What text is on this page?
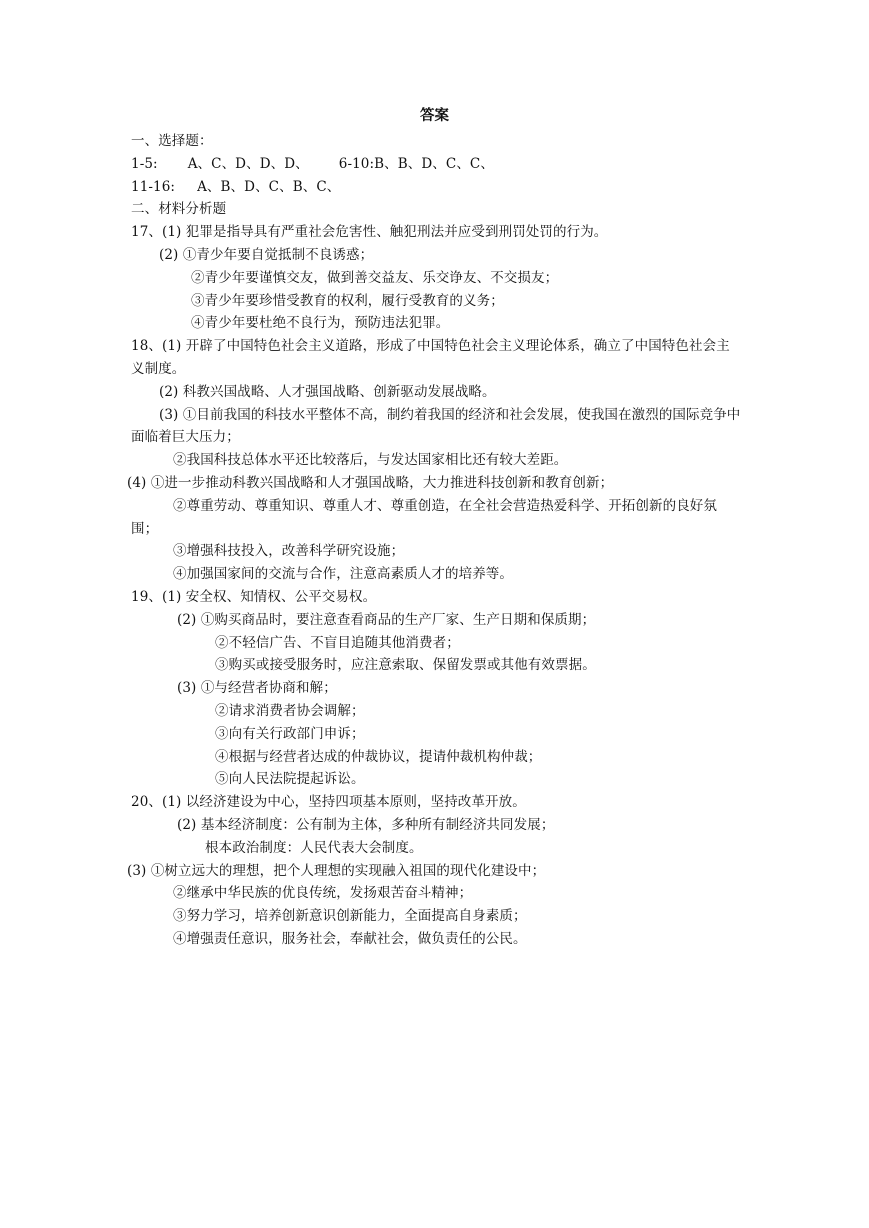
答案
一、选择题：
1-5: A、C、D、D、D、 6-10:B、B、D、C、C、
11-16: A、B、D、C、B、C、
二、材料分析题
17、(1) 犯罪是指导具有严重社会危害性、触犯刑法并应受到刑罚处罚的行为。
(2) ①青少年要自觉抵制不良诱惑；
②青少年要谨慎交友，做到善交益友、乐交诤友、不交损友；
③青少年要珍惜受教育的权利，履行受教育的义务；
④青少年要杜绝不良行为，预防违法犯罪。
18、(1) 开辟了中国特色社会主义道路，形成了中国特色社会主义理论体系，确立了中国特色社会主义制度。
(2) 科教兴国战略、人才强国战略、创新驱动发展战略。
(3) ①目前我国的科技水平整体不高，制约着我国的经济和社会发展，使我国在激烈的国际竞争中面临着巨大压力；
②我国科技总体水平还比较落后，与发达国家相比还有较大差距。
(4) ①进一步推动科教兴国战略和人才强国战略，大力推进科技创新和教育创新；
②尊重劳动、尊重知识、尊重人才、尊重创造，在全社会营造热爱科学、开拓创新的良好氛围；
③增强科技投入，改善科学研究设施；
④加强国家间的交流与合作，注意高素质人才的培养等。
19、(1) 安全权、知情权、公平交易权。
(2) ①购买商品时，要注意查看商品的生产厂家、生产日期和保质期；
②不轻信广告、不盲目追随其他消费者；
③购买或接受服务时，应注意索取、保留发票或其他有效票据。
(3) ①与经营者协商和解；
②请求消费者协会调解；
③向有关行政部门申诉；
④根据与经营者达成的仲裁协议，提请仲裁机构仲裁；
⑤向人民法院提起诉讼。
20、(1) 以经济建设为中心，坚持四项基本原则，坚持改革开放。
(2) 基本经济制度：公有制为主体，多种所有制经济共同发展；
根本政治制度：人民代表大会制度。
(3) ①树立远大的理想，把个人理想的实现融入祖国的现代化建设中；
②继承中华民族的优良传统，发扬艰苦奋斗精神；
③努力学习，培养创新意识创新能力，全面提高自身素质；
④增强责任意识，服务社会，奉献社会，做负责任的公民。
